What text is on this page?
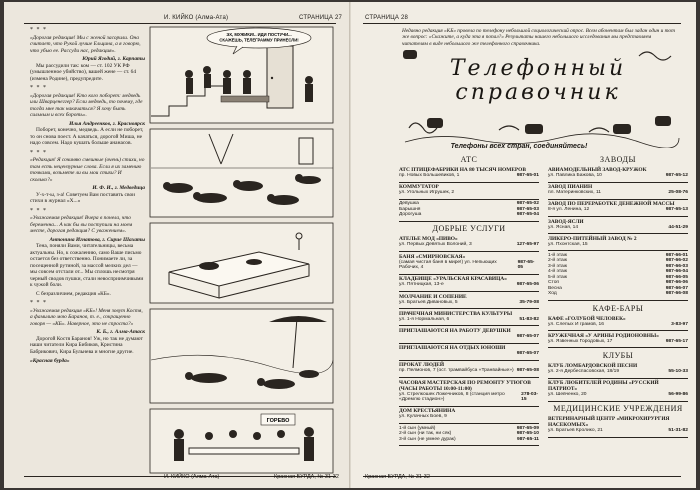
И. КИЙКО (Алма-Ата)	СТРАНИЦА 27
* * *

«Дорогая редакция! Мы с женой засорили. Она считает, что Рукой лучше Ельцина, а я говорю, что убью ее. Рассуди нас, редакция».

Юрий Ягодий, г. Карпаты

Мы рассудили так: ком — ст. 102 УК РФ (умышленное убийство), вашей жене — ст. 64 (измена Родине), предупредите.

* * *

«Дорогая редакция! Кто кого поборет: медведь или Шварценеггер? Если медведь, то почему, где тогда мне так накачаться? Я хочу быть сильным и всех бороть».

Илья Андреенков, г. Красноярск

Поборет, конечно, медведь. А если не поборет, то он снова поест. А качаться, дорогой Миша, не надо совсем. Надо кушать больше ананасов.

* * *

«Редакция! Я сочиняю смешные (очень) стихи, но там есть нецензурные слова. Если я их замению точками, возьмете ли вы мои стихи? И сколько?»

И. Ф. И., г. Медведица

У-х-т-ы, з-а! Советуем Вам поставить свои стихи в журнал «Х...»

* * *

«Уважаемая редакция! Вчера в понела, что беременна... А как бы вы поступили на моем месте, дорогая редакция? С уважением».

Антонина Игнатова, г. Сирие Шахаты

Тена, поняли Вами, читательницы, весьма актуальны. Но, к сожалению, само Ваше письмо остается без ответственно. Понимаете ли, за посещенной рутиной, за массой мелких дел — мы совсем отстали от... Мы сплошь несмотря черный сводов пушки, стали невосприимчивыми к чужой боли.

С безразличием, редакция «КБ».

* * *

«Уважаемая редакция «КБ»! Меня зовут Костя, а фамилию мою Баранов, т. е., сокращенно говоря — «КБ». Наверное, это не спроста?»

К. Б., г. Алма-Атаск

Дорогой Костя Баранов! Уж, но так не думают наши читатели Кира Бибиков, Кристина Бабрикович, Кира Бульнева и многие другие.

«Красная бурда»
ЭХ, МУЖИКИ!.. ИДИ ПОСТУЧИ...
СКАЖЕШЬ, ТЕЛЕГРАММУ ПРИНЕСЛИ!
ГОРЕВО
И. КИЙКО (Алма-Ата)	Красная БУРДА, № 31-32
СТРАНИЦА 28
Недавно редакция «КБ» провела по телефону небольшой социологический опрос. Всем абонентам был задан один и тот же вопрос: «Скажите, а куда эта я попал?» Результаты нашего небольшого исследования мы представляем читателям в виде небольшого же телефонного справочника.
Телефонный
справочник
Телефоны всех стран, соединяйтесь!
АТС
АТС ПТИЦЕФАБРИКИ НА 80 ТЫСЯЧ НОМЕРОВ
пр. Новых Большевиков, 1	987-65-01
КОММУТАТОР
ул. Угольных Игрушек, 2
Девушка	987-65-02
Барышня	987-65-03
Дорогуша	987-65-04
ДОБРЫЕ УСЛУГИ
АТЕЛЬЕ МОД «ПИВО»
ул. Первых Девятых Волоний, 3	127-65-97
БАНЯ «СМИРНОВСКАЯ»
(самая чистая баня в мире!) ул. Непьющих Рабочих, 4
987-65-05
КЛАДБИЩЕ «УРАЛЬСКАЯ КРАСАВИЦА»
ул. Пятницкая, 13-е	987-65-06
МОЛЧАНИЕ И СОПЕНИЕ
ул. Братьев Дивановых, 5	35-79-08
ПРАЧЕЧНАЯ МИНИСТЕРСТВА КУЛЬТУРЫ
ул. 1-я Нормальная, 6	51-83-82
ПРИГЛАШАЮТСЯ НА РАБОТУ ДЕВУШКИ
987-65-07
ПРИГЛАШАЮТСЯ НА ОТДЫХ ЮНОШИ
987-65-07
ПРОКАТ ЛЮДЕЙ
пр. Пелмонов, 7 (ост. трамвайбуса «Транвайные») 987-65-08
ЧАСОВАЯ МАСТЕРСКАЯ ПО РЕМОНТУ УТЮГОВ (ЧАСЫ РАБОТЫ 10:00-11:00)
ул. Стрелкошек Ложечников, 8 (станция метро «Дремлю стадион»)
278-03-15
ДОМ КРЕСТЬЯНИНА
ул. Кулачных Боев, 9
1-й сын (умный)	987-65-09
2-й сын (ни так, ни сяк)	987-65-10
3-й сын (не умнее дурак)	987-65-11
ЗАВОДЫ
АВИАМОДЕЛЬНЫЙ ЗАВОД-КРУЖОК
ул. Павлика Бажова, 10	987-65-12
ЗАВОД ПИАНИН
пл. Материнковских, 11	25-08-76
ЗАВОД ПО ПЕРЕРАБОТКЕ ДЕНЕЖНОЙ МАССЫ
8-я ул. Ленина, 12	987-65-13
ЗАВОД-ЯСЛИ
ул. Ясная, 14	44-51-29
ЛИКЕРО-ПИТЕЙНЫЙ ЗАВОД № 2
ул. Пхонтская, 15
1-й этаж	987-66-01
2-й этаж	987-66-02
3-й этаж	987-66-03
4-й этаж	987-66-04
5-й этаж	987-66-05
Стоп	987-66-06
Весна	987-66-07
Ход	987-66-08
КАФЕ-БАРЫ
КАФЕ «ГОЛУБОЙ ЧЕЛОВЕК»
ул. Слепых И грамов, 16	3-83-97
КРУЖЕЧНАЯ «У АРИНЫ РОДИОНОВНЫ»
ул. Язвенных Городовых, 17	987-65-17
КЛУБЫ
КЛУБ ЛОМБАРДОВСКОЙ ПЕСНИ
ул. 2-я Дербеспасовская, 18/19	55-10-33
КЛУБ ЛЮБИТЕЛЕЙ РОДИНЫ «РУССКИЙ ПАТРИОТ»
ул. Шевченко, 20	56-99-86
МЕДИЦИНСКИЕ УЧРЕЖДЕНИЯ
ВЕТЕРИНАРНЫЙ ЦЕНТР «МИКРОХИРУРГИЯ НАСЕКОМЫХ»
ул. Братьев Кролико, 21	51-31-82
Красная БУРДА, № 31-32
